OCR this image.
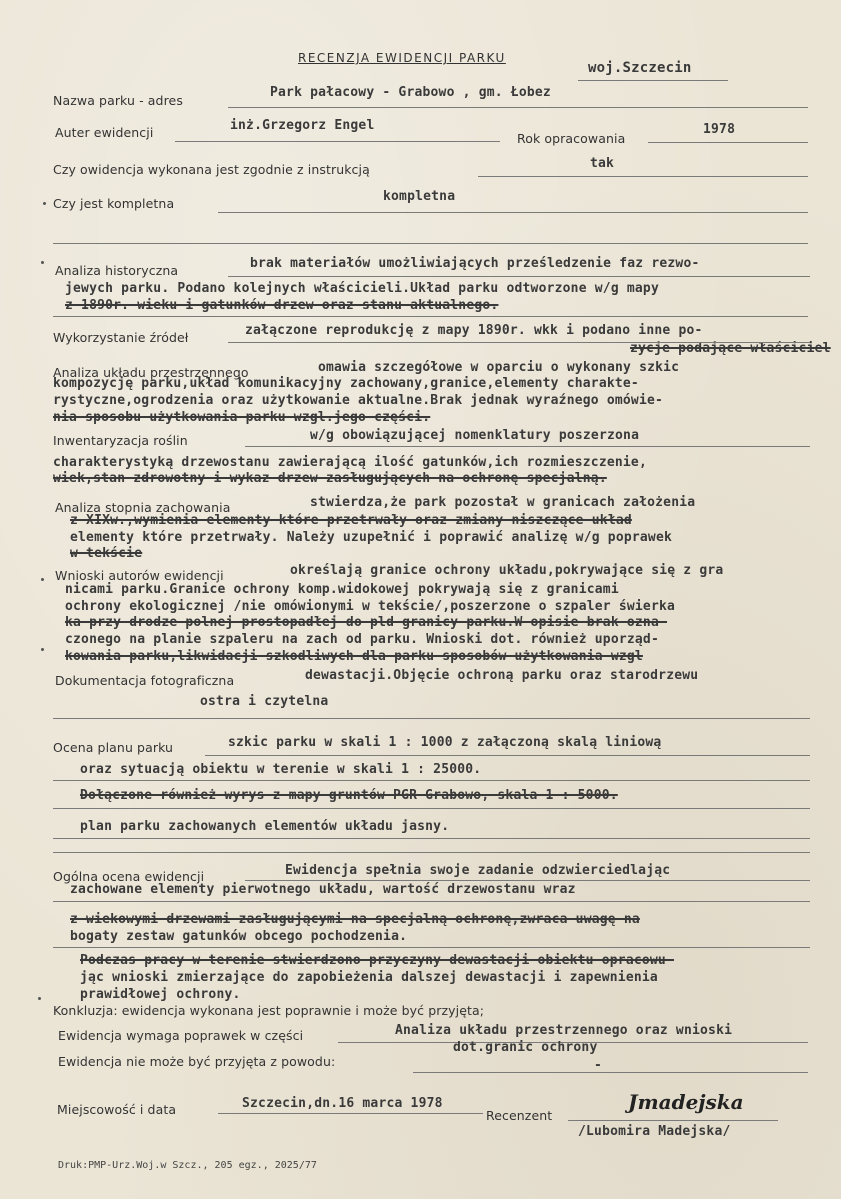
RECENZJA EWIDENCJI PARKU
woj.Szczecin
Nazwa parku - adres
Park pałacowy - Grabowo , gm. Łobez
Auter ewidencji	inż.Grzegorz Engel
Rok opracowania
1978
Czy owidencja wykonana jest zgodnie z instrukcją	tak
Czy jest kompletna	kompletna
Analiza historyczna	brak materiałów umożliwiających prześledzenie faz rezwo-
jewych parku. Podano kolejnych właścicieli.Układ parku odtworzone w/g mapy
z 1890r. wieku i gatunków drzew oraz stanu aktualnego.
Wykorzystanie źródeł	załączone reprodukcję z mapy 1890r. wkk i podano inne po-
zycje podające właściciel
Analiza układu przestrzennego	omawia szczegółowe w oparciu o wykonany szkic
kompozycję parku,układ komunikacyjny zachowany,granice,elementy charakte-
rystyczne,ogrodzenia oraz użytkowanie aktualne.Brak jednak wyraźnego omówie-
nia sposobu użytkowania parku wzgl.jego części.
Inwentaryzacja roślin	w/g obowiązującej nomenklatury poszerzona
charakterystyką drzewostanu zawierającą ilość gatunków,ich rozmieszczenie,
wiek,stan zdrowotny i wykaz drzew zasługujących na ochronę specjalną.
Analiza stopnia zachowania	stwierdza,że park pozostał w granicach założenia
z XIXw.,wymienia elementy które przetrwały oraz zmiany niszczące układ
elementy które przetrwały. Należy uzupełnić i poprawić analizę w/g poprawek
w tekście
Wnioski autorów ewidencji	określają granice ochrony układu,pokrywające się z gra
nicami parku.Granice ochrony komp.widokowej pokrywają się z granicami
ochrony ekologicznej /nie omówionymi w tekście/,poszerzone o szpaler świerka
ka przy drodze polnej prostopadłej do pld granicy parku.W opisie brak ozna-
czonego na planie szpaleru na zach od parku. Wnioski dot. również uporząd-
kowania parku,likwidacji szkodliwych dla parku sposobów użytkowania wzgl
Dokumentacja fotograficzna	dewastacji.Objęcie ochroną parku oraz starodrzewu
ostra i czytelna
Ocena planu parku	szkic parku w skali 1 : 1000 z załączoną skalą liniową
oraz sytuacją obiektu w terenie w skali 1 : 25000.
Dołączone również wyrys z mapy gruntów PGR Grabowo, skala 1 : 5000.
plan parku zachowanych elementów układu jasny.
Ogólna ocena ewidencji	Ewidencja spełnia swoje zadanie odzwierciedlając
zachowane elementy pierwotnego układu, wartość drzewostanu wraz
z wiekowymi drzewami zasługującymi na specjalną ochronę,zwraca uwagę na
bogaty zestaw gatunków obcego pochodzenia.
Podczas pracy w terenie stwierdzono przyczyny dewastacji obiektu opracowu-
jąc wnioski zmierzające do zapobieżenia dalszej dewastacji i zapewnienia
prawidłowej ochrony.
Konkluzja: ewidencja wykonana jest poprawnie i może być przyjęta;
Ewidencja wymaga poprawek w części	Analiza układu przestrzennego oraz wnioski
dot.granic ochrony
Ewidencja nie może być przyjęta z powodu:	-
Miejscowość i data	Szczecin,dn.16 marca 1978
Recenzent
Jmadejska
/Lubomira Madejska/
Druk:PMP-Urz.Woj.w Szcz., 205 egz., 2025/77
